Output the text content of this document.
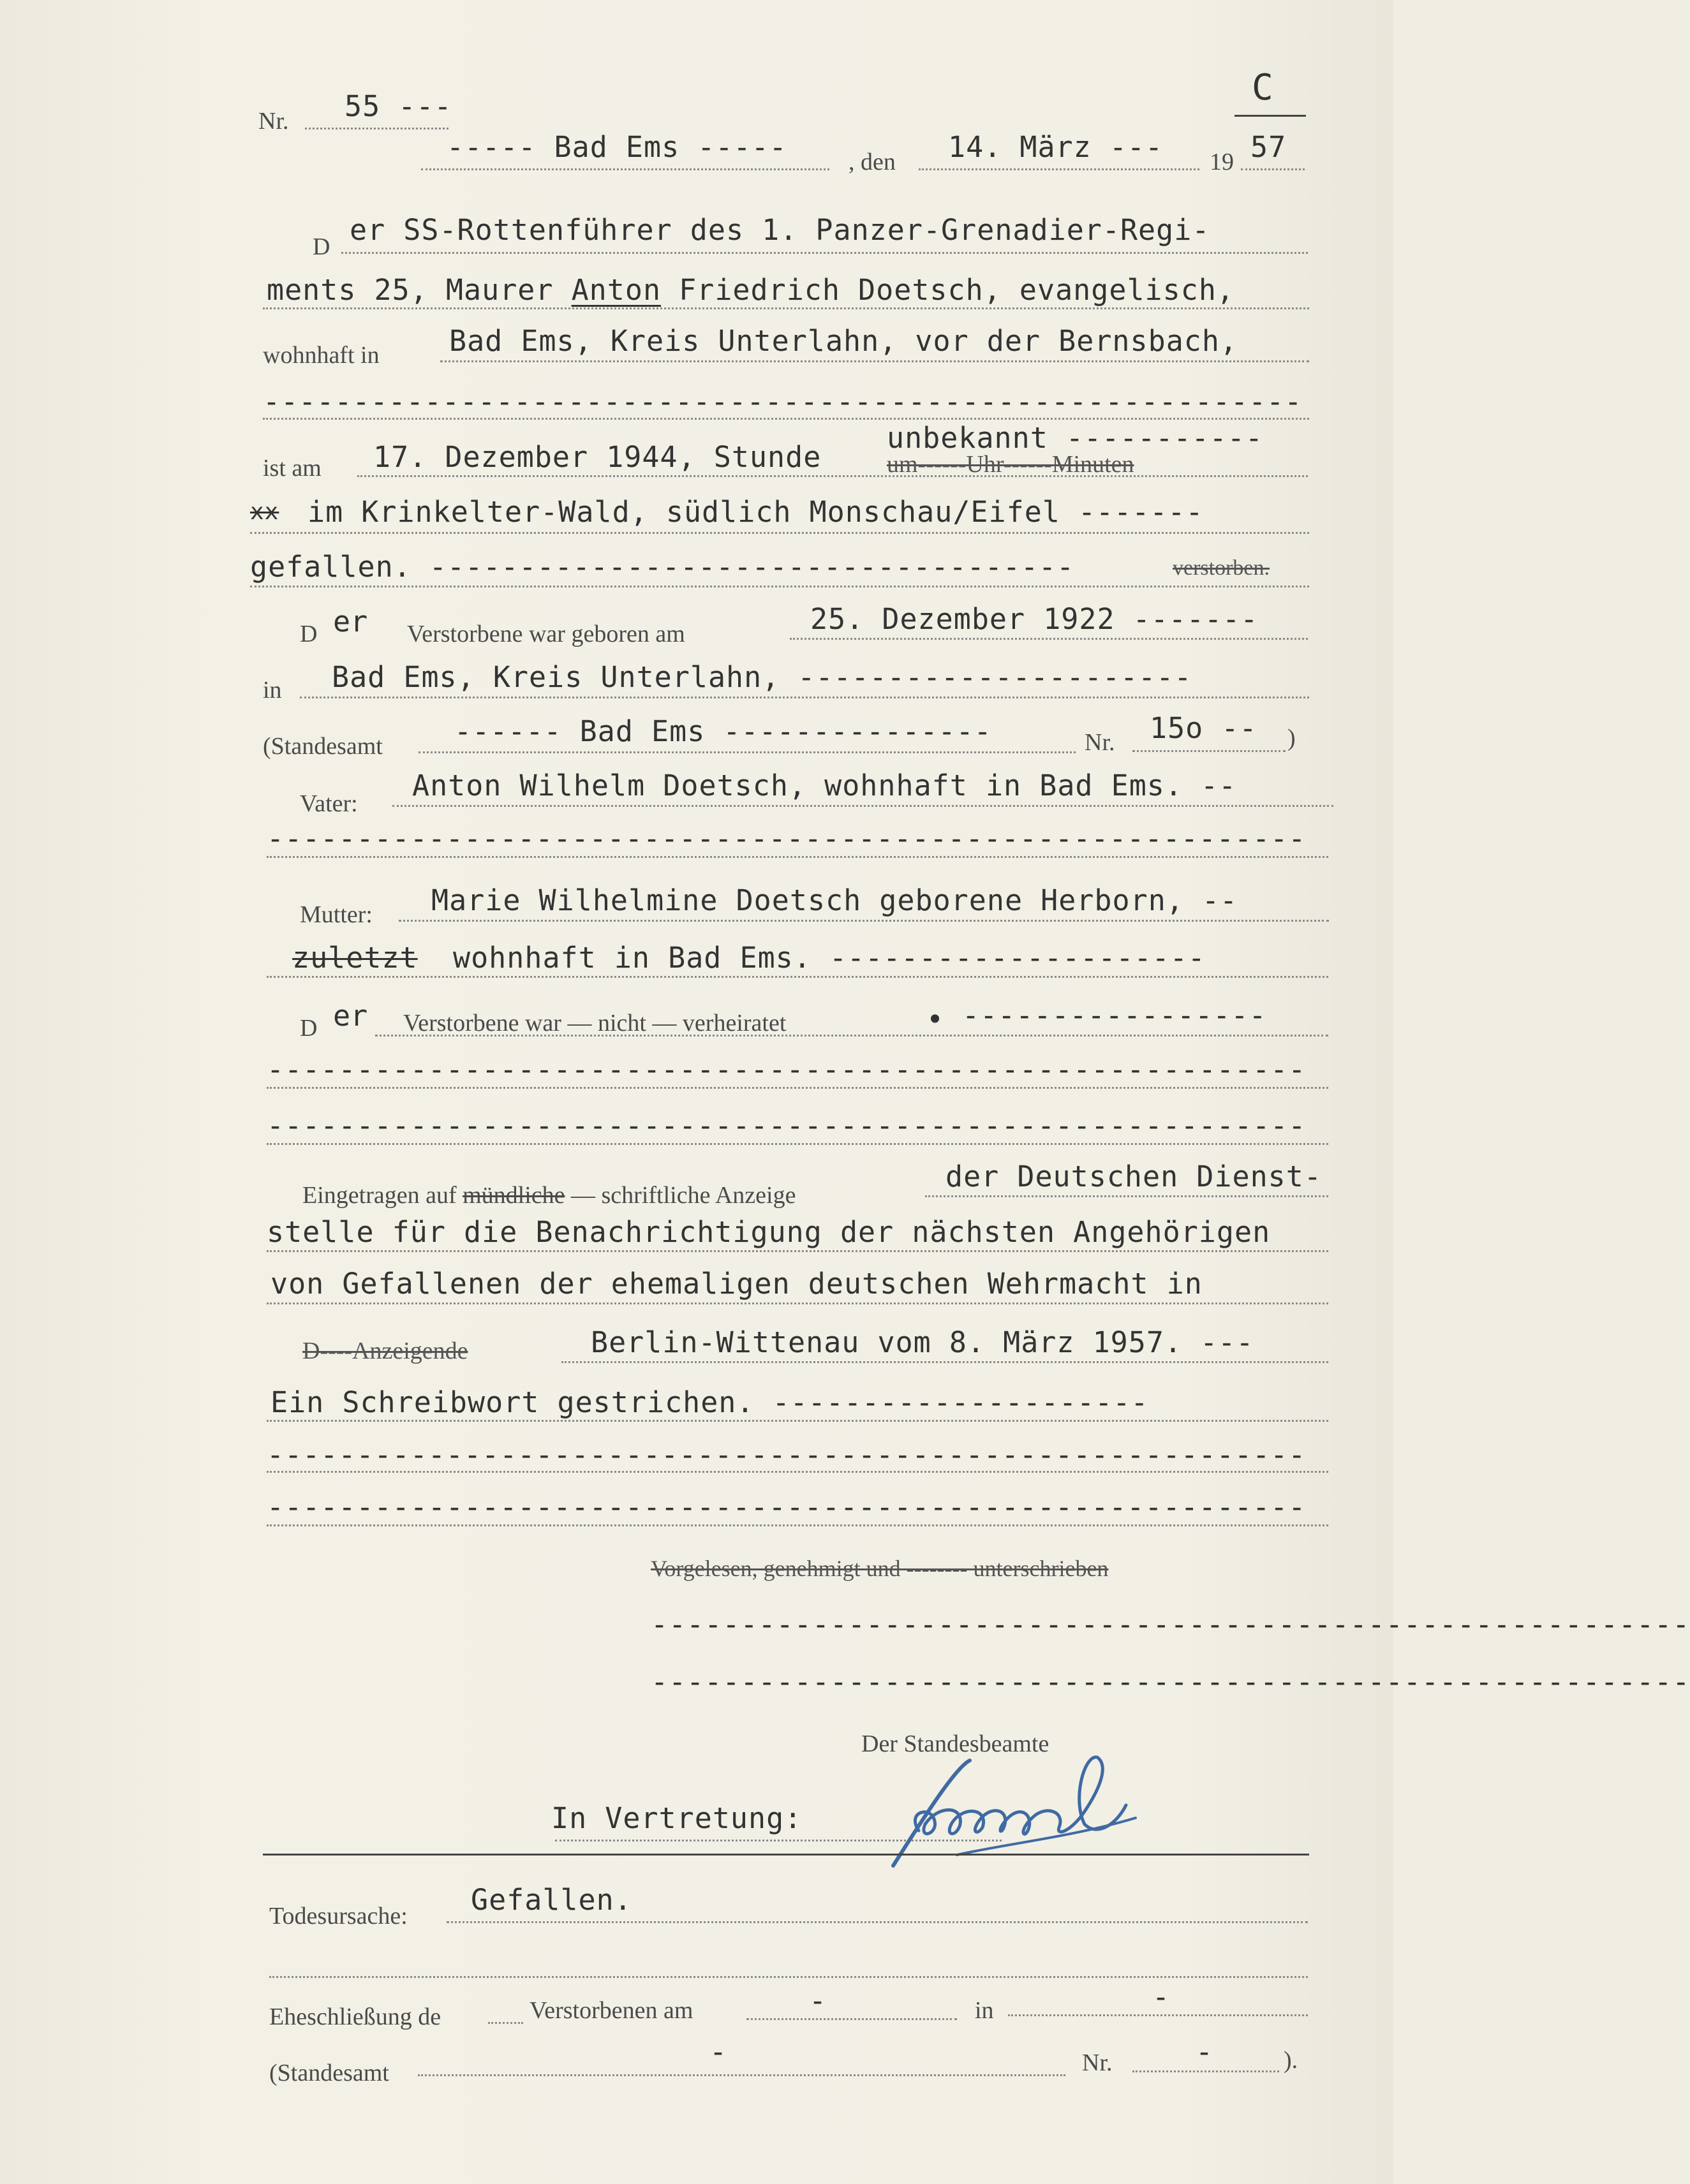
Nr. 55 ---	C
----- Bad Ems -----	, den 14. März --- 19 57
D er SS-Rottenführer des 1. Panzer-Grenadier-Regi-
ments 25, Maurer Anton Friedrich Doetsch, evangelisch,
wohnhaft in Bad Ems, Kreis Unterlahn, vor der Bernsbach,
----------------------------------------------------------
ist am 17. Dezember 1944, Stunde
unbekannt -----------
um------Uhr------Minuten
xx im Krinkelter-Wald, südlich Monschau/Eifel -------
gefallen. ------------------------------------	verstorben.
D er Verstorbene war geboren am	25. Dezember 1922 -------
in Bad Ems, Kreis Unterlahn, ----------------------
(Standesamt ------ Bad Ems ---------------	Nr. 15o -- )
Vater:
Anton Wilhelm Doetsch, wohnhaft in Bad Ems. --
----------------------------------------------------------
Mutter: Marie Wilhelmine Doetsch geborene Herborn, --
zuletzt wohnhaft in Bad Ems. ---------------------
D er Verstorbene war — nicht — verheiratet	• -----------------
----------------------------------------------------------
----------------------------------------------------------
Eingetragen auf mündliche — schriftliche Anzeige
der Deutschen Dienst-
stelle für die Benachrichtigung der nächsten Angehörigen
von Gefallenen der ehemaligen deutschen Wehrmacht in
D----Anzeigende	Berlin-Wittenau vom 8. März 1957. ---
Ein Schreibwort gestrichen. ---------------------
----------------------------------------------------------
----------------------------------------------------------
Vorgelesen, genehmigt und -------- unterschrieben
----------------------------------------------------------
----------------------------------------------------------
Der Standesbeamte
In Vertretung:
Todesursache: Gefallen.
Eheschließung de	Verstorbenen am	-	in	-
(Standesamt
-	Nr.	-	).
